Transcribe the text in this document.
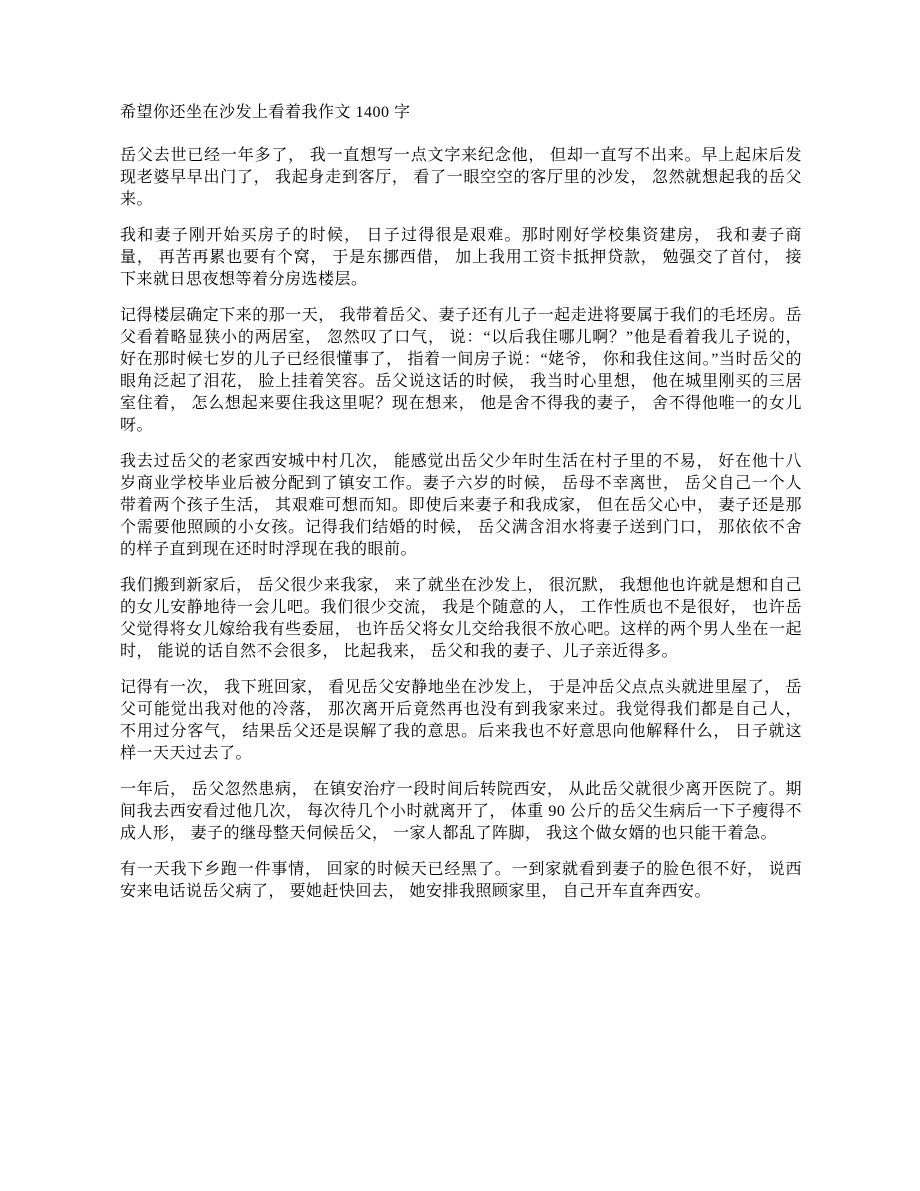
希望你还坐在沙发上看着我作文 1400 字

岳父去世已经一年多了， 我一直想写一点文字来纪念他， 但却一直写不出来。早上起床后发现老婆早早出门了， 我起身走到客厅， 看了一眼空空的客厅里的沙发， 忽然就想起我的岳父来。

我和妻子刚开始买房子的时候， 日子过得很是艰难。那时刚好学校集资建房， 我和妻子商量， 再苦再累也要有个窝， 于是东挪西借， 加上我用工资卡抵押贷款， 勉强交了首付， 接下来就日思夜想等着分房选楼层。

记得楼层确定下来的那一天， 我带着岳父、妻子还有儿子一起走进将要属于我们的毛坯房。岳父看着略显狭小的两居室， 忽然叹了口气， 说：“以后我住哪儿啊？”他是看着我儿子说的， 好在那时候七岁的儿子已经很懂事了， 指着一间房子说：“姥爷， 你和我住这间。”当时岳父的眼角泛起了泪花， 脸上挂着笑容。岳父说这话的时候， 我当时心里想， 他在城里刚买的三居室住着， 怎么想起来要住我这里呢？现在想来， 他是舍不得我的妻子， 舍不得他唯一的女儿呀。

我去过岳父的老家西安城中村几次， 能感觉出岳父少年时生活在村子里的不易， 好在他十八岁商业学校毕业后被分配到了镇安工作。妻子六岁的时候， 岳母不幸离世， 岳父自己一个人带着两个孩子生活， 其艰难可想而知。即使后来妻子和我成家， 但在岳父心中， 妻子还是那个需要他照顾的小女孩。记得我们结婚的时候， 岳父满含泪水将妻子送到门口， 那依依不舍的样子直到现在还时时浮现在我的眼前。

我们搬到新家后， 岳父很少来我家， 来了就坐在沙发上， 很沉默， 我想他也许就是想和自己的女儿安静地待一会儿吧。我们很少交流， 我是个随意的人， 工作性质也不是很好， 也许岳父觉得将女儿嫁给我有些委屈， 也许岳父将女儿交给我很不放心吧。这样的两个男人坐在一起时， 能说的话自然不会很多， 比起我来， 岳父和我的妻子、儿子亲近得多。

记得有一次， 我下班回家， 看见岳父安静地坐在沙发上， 于是冲岳父点点头就进里屋了， 岳父可能觉出我对他的冷落， 那次离开后竟然再也没有到我家来过。我觉得我们都是自己人， 不用过分客气， 结果岳父还是误解了我的意思。后来我也不好意思向他解释什么， 日子就这样一天天过去了。

一年后， 岳父忽然患病， 在镇安治疗一段时间后转院西安， 从此岳父就很少离开医院了。期间我去西安看过他几次， 每次待几个小时就离开了， 体重 90 公斤的岳父生病后一下子瘦得不成人形， 妻子的继母整天伺候岳父， 一家人都乱了阵脚， 我这个做女婿的也只能干着急。

有一天我下乡跑一件事情， 回家的时候天已经黑了。一到家就看到妻子的脸色很不好， 说西安来电话说岳父病了， 要她赶快回去， 她安排我照顾家里， 自己开车直奔西安。
